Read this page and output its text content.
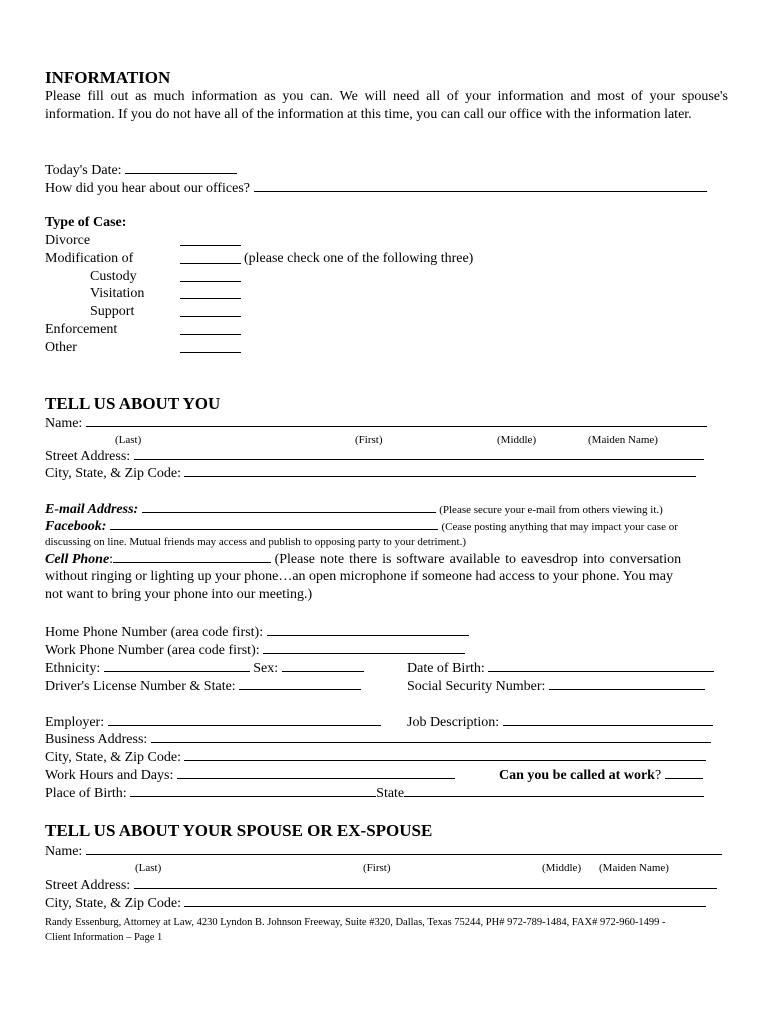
INFORMATION
Please fill out as much information as you can. We will need all of your information and most of your spouse's information. If you do not have all of the information at this time, you can call our office with the information later.
Today's Date:
How did you hear about our offices?
Type of Case:
Divorce
Modification of	(please check one of the following three)
Custody
Visitation
Support
Enforcement
Other
TELL US ABOUT YOU
Name:
(Last)	(First)	(Middle)	(Maiden Name)
Street Address:
City, State, & Zip Code:
E-mail Address:	(Please secure your e-mail from others viewing it.)
Facebook:	(Cease posting anything that may impact your case or
discussing on line. Mutual friends may access and publish to opposing party to your detriment.)
Cell Phone:	(Please note there is software available to eavesdrop into conversation
without ringing or lighting up your phone…an open microphone if someone had access to your phone. You may
not want to bring your phone into our meeting.)
Home Phone Number (area code first):
Work Phone Number (area code first):
Ethnicity:	Sex:	Date of Birth:
Driver's License Number & State:	Social Security Number:
Employer:	Job Description:
Business Address:
City, State, & Zip Code:
Work Hours and Days:	Can you be called at work?
Place of Birth:	State
TELL US ABOUT YOUR SPOUSE OR EX-SPOUSE
Name:
(Last)	(First)	(Middle) (Maiden Name)
Street Address:
City, State, & Zip Code:
Randy Essenburg, Attorney at Law, 4230 Lyndon B. Johnson Freeway, Suite #320, Dallas, Texas 75244, PH# 972-789-1484, FAX# 972-960-1499 -
Client Information – Page 1
